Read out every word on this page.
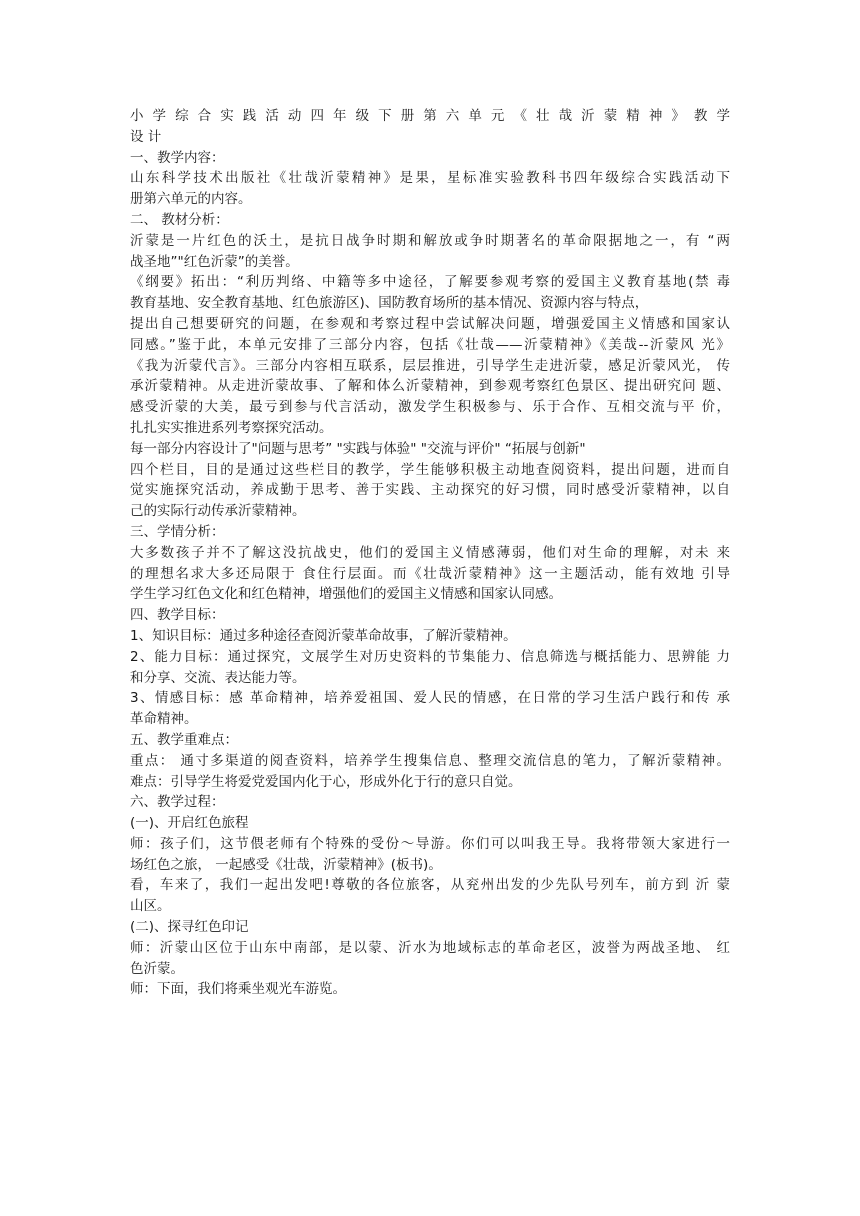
小 学 综 合 实 践 活 动 四 年 级 下 册 第 六 单 元 《 壮 哉 沂 蒙 精 神 》 教 学

设 计

一、教学内容：

山东科学技术出版社《壮哉沂蒙精神》是果，星标准实验教科书四年级综合实践活动下

册第六单元的内容。

二、 教材分析：

沂蒙是一片红色的沃土，是抗日战争时期和解放或争时期著名的革命限据地之一，有 “两

战圣地”"红色沂蒙”的美誉。

《纲要》拓出：“利历判络、中籍等多中途径，了解要参观考察的爱国主义教育基地(禁 毒

教育基地、安全教育基地、红色旅游区)、国防教育场所的基本情况、资源内容与特点，

提出自己想要研究的问题，在参观和考察过程中尝试解决问题，增强爱国主义情感和国家认

同感。”鉴于此，本单元安排了三部分内容，包括《壮哉——沂蒙精神》《美哉--沂蒙风 光》

《我为沂蒙代言》。三部分内容相互联系，层层推进，引导学生走进沂蒙，感足沂蒙风光， 传

承沂蒙精神。从走进沂蒙故事、了解和体么沂蒙精神，到参观考察红色景区、提出研究问 题、

感受沂蒙的大美，最亏到参与代言活动，激发学生积极参与、乐于合作、互相交流与平 价，

扎扎实实推进系列考察探究活动。

每一部分内容设计了"问题与思考” "实践与体验" "交流与评价" “拓展与创新"

四个栏目，目的是通过这些栏目的教学，学生能够积极主动地查阅资料，提出问题，进而自

觉实施探究活动，养成勤于思考、善于实践、主动探究的好习惯，同时感受沂蒙精神，以自

己的实际行动传承沂蒙精神。

三、学情分析：

大多数孩子并不了解这没抗战史，他们的爱国主义情感薄弱，他们对生命的理解，对未 来

的理想名求大多还局限于 食住行层面。而《壮哉沂蒙精神》这一主题活动，能有效地 引导

学生学习红色文化和红色精神，增强他们的爱国主义情感和国家认同感。

四、教学目标：

1、知识目标：通过多种途径查阅沂蒙革命故事，了解沂蒙精神。

2、能力目标：通过探究，文展学生对历史资料的节集能力、信息筛选与概括能力、思辨能 力

和分享、交流、表达能力等。

3、情感目标：感 革命精神，培养爱祖国、爱人民的情感，在日常的学习生活户践行和传 承

革命精神。

五、教学重难点：

重点： 通寸多渠道的阅查资料，培养学生搜集信息、整理交流信息的笔力，了解沂蒙精神。

难点：引导学生将爱党爱国内化于心，形成外化于行的意只自觉。

六、教学过程：

(一)、开启红色旅程

师：孩子们，这节偎老师有个特殊的受份～导游。你们可以叫我王导。我将带领大家进行一

场红色之旅， 一起感受《壮哉，沂蒙精神》(板书)。

看，车来了，我们一起出发吧!尊敬的各位旅客，从兖州出发的少先队号列车，前方到 沂 蒙

山区。

(二)、探寻红色印记

师：沂蒙山区位于山东中南部，是以蒙、沂水为地域标志的革命老区，波誉为两战圣地、 红

色沂蒙。

师：下面，我们将乘坐观光车游览。
